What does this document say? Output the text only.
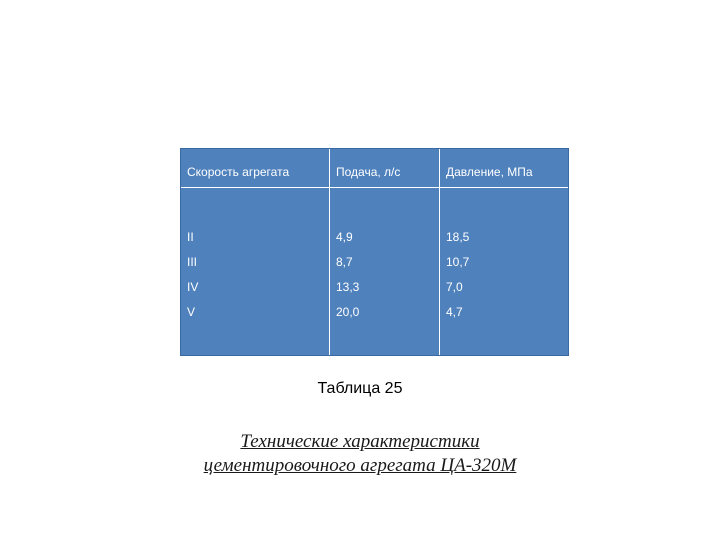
Скорость агрегата	Подача, л/с	Давление, МПа
II	4,9	18,5
III	8,7	10,7
IV	13,3	7,0
V	20,0	4,7
Таблица 25
Технические характеристики
цементировочного агрегата ЦА-320М
